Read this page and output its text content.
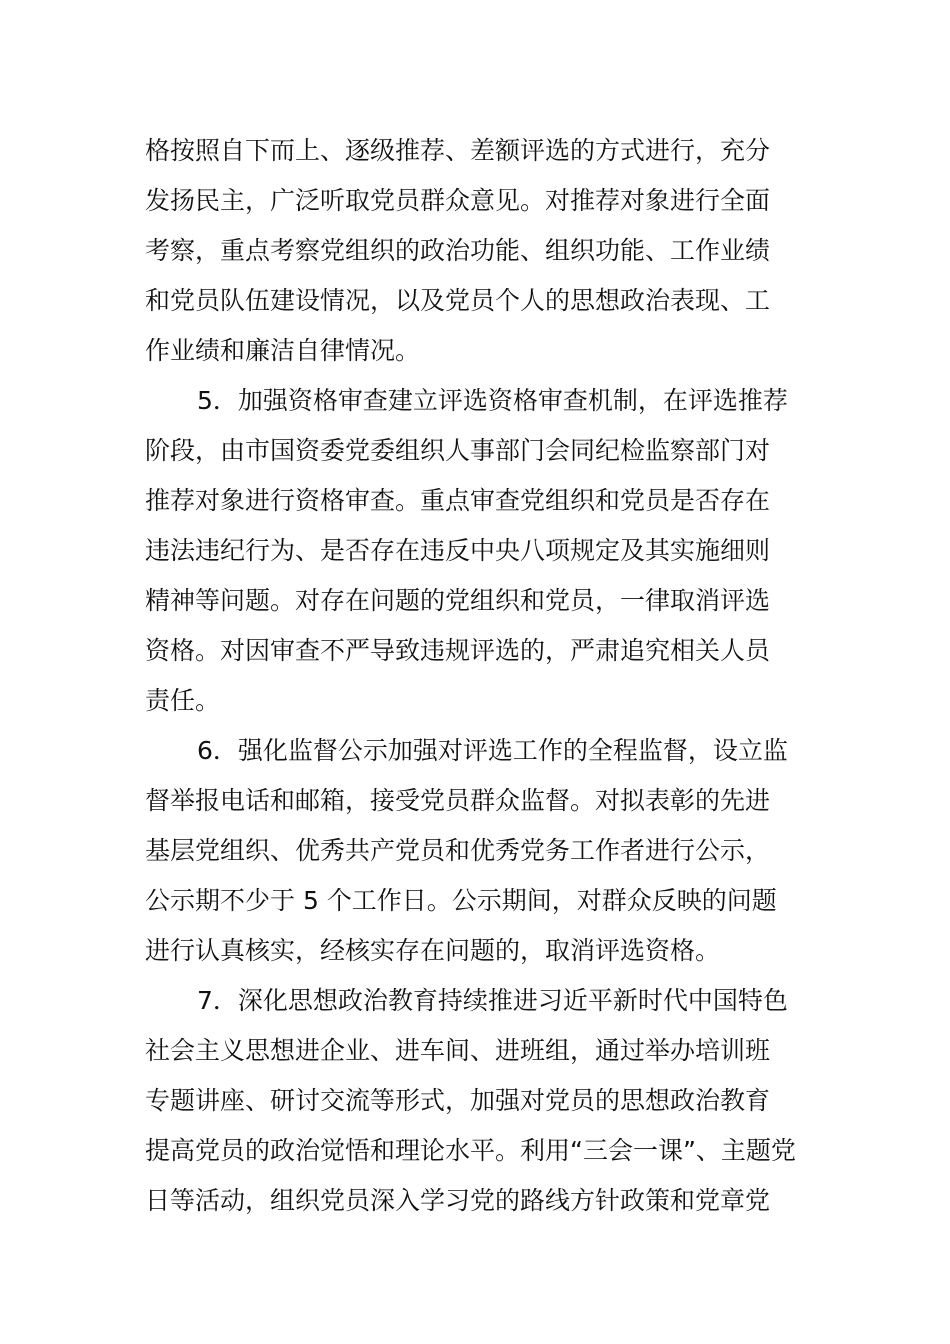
格按照自下而上、逐级推荐、差额评选的方式进行，充分
发扬民主，广泛听取党员群众意见。对推荐对象进行全面
考察，重点考察党组织的政治功能、组织功能、工作业绩
和党员队伍建设情况，以及党员个人的思想政治表现、工
作业绩和廉洁自律情况。
5．加强资格审查建立评选资格审查机制，在评选推荐
阶段，由市国资委党委组织人事部门会同纪检监察部门对
推荐对象进行资格审查。重点审查党组织和党员是否存在
违法违纪行为、是否存在违反中央八项规定及其实施细则
精神等问题。对存在问题的党组织和党员，一律取消评选
资格。对因审查不严导致违规评选的，严肃追究相关人员
责任。
6．强化监督公示加强对评选工作的全程监督，设立监
督举报电话和邮箱，接受党员群众监督。对拟表彰的先进
基层党组织、优秀共产党员和优秀党务工作者进行公示，
公示期不少于 5 个工作日。公示期间，对群众反映的问题
进行认真核实，经核实存在问题的，取消评选资格。
7．深化思想政治教育持续推进习近平新时代中国特色
社会主义思想进企业、进车间、进班组，通过举办培训班
专题讲座、研讨交流等形式，加强对党员的思想政治教育
提高党员的政治觉悟和理论水平。利用“三会一课”、主题党
日等活动，组织党员深入学习党的路线方针政策和党章党
